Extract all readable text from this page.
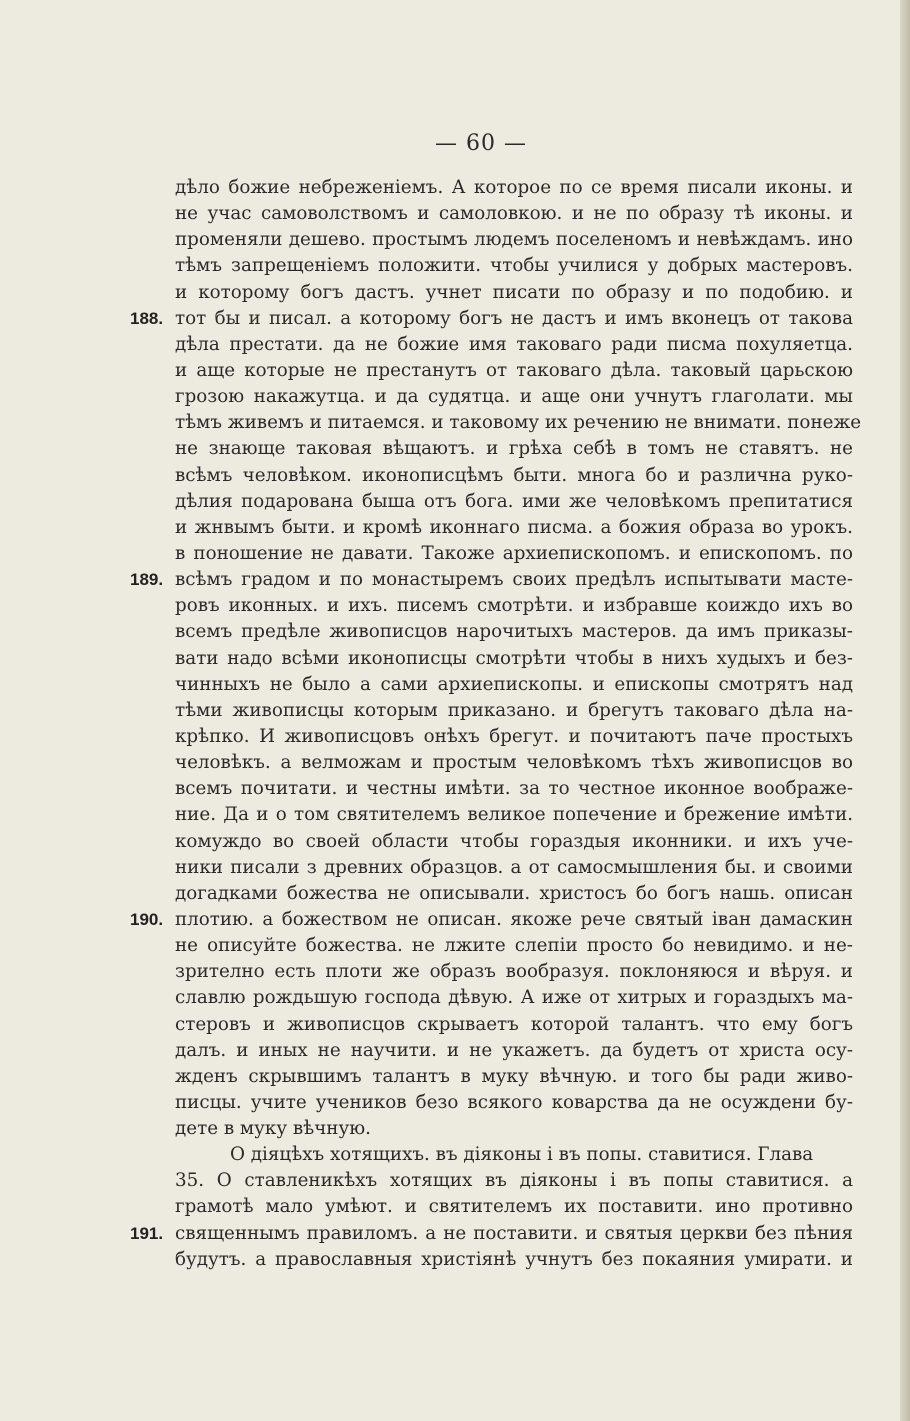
— 60 —
дѣло божие небреженіемъ. А которое по се время писали иконы. и
не учас самоволствомъ и самоловкою. и не по образу тѣ иконы. и
променяли дешево. простымъ людемъ поселеномъ и невѣждамъ. ино
тѣмъ запрещеніемъ положити. чтобы училися у добрых мастеровъ.
и которому богъ дастъ. учнет писати по образу и по подобию. и
188. тот бы и писал. а которому богъ не дастъ и имъ вконецъ от такова
дѣла престати. да не божие имя таковаго ради писма похуляетца.
и аще которые не престанутъ от таковаго дѣла. таковый царьскою
грозою накажутца. и да судятца. и аще они учнутъ глаголати. мы
тѣмъ живемъ и питаемся. и таковому их речению не внимати. понеже
не знающе таковая вѣщаютъ. и грѣха себѣ в томъ не ставятъ. не
всѣмъ человѣком. иконописцѣмъ быти. многа бо и различна руко-
дѣлия подарована быша отъ бога. ими же человѣкомъ препитатися
и жнвымъ быти. и кромѣ иконнаго писма. а божия образа во урокъ.
в поношение не давати. Такоже архиепископомъ. и епископомъ. по
189. всѣмъ градом и по монастыремъ своих предѣлъ испытывати масте-
ровъ иконных. и ихъ. писемъ смотрѣти. и избравше коиждо ихъ во
всемъ предѣле живописцов нарочитыхъ мастеров. да имъ приказы-
вати надо всѣми иконописцы смотрѣти чтобы в нихъ худыхъ и без-
чинныхъ не было а сами архиепископы. и епископы смотрятъ над
тѣми живописцы которым приказано. и брегутъ таковаго дѣла на-
крѣпко. И живописцовъ онѣхъ брегут. и почитаютъ паче простыхъ
человѣкъ. а велможам и простым человѣкомъ тѣхъ живописцов во
всемъ почитати. и честны имѣти. за то честное иконное воображе-
ние. Да и о том святителемъ великое попечение и брежение имѣти.
комуждо во своей области чтобы гораздыя иконники. и ихъ уче-
ники писали з древних образцов. а от самосмышления бы. и своими
догадками божества не описывали. христосъ бо богъ нашь. описан
190. плотию. а божеством не описан. якоже рече святый іван дамаскин
не описуйте божества. не лжите слепіи просто бо невидимо. и не-
зрително есть плоти же образъ вообразуя. поклоняюся и вѣруя. и
славлю рождьшую господа дѣвую. А иже от хитрых и гораздыхъ ма-
стеровъ и живописцов скрываетъ которой талантъ. что ему богъ
далъ. и иных не научити. и не укажетъ. да будетъ от христа осу-
жденъ скрывшимъ талантъ в муку вѣчную. и того бы ради живо-
писцы. учите учеников безо всякого коварства да не осуждени бу-
дете в муку вѣчную.
О діяцѣхъ хотящихъ. въ діяконы і въ попы. ставитися. Глава
35. О ставленикѣхъ хотящих въ діяконы і въ попы ставитися. а
грамотѣ мало умѣют. и святителемъ их поставити. ино противно
191. священнымъ правиломъ. а не поставити. и святыя церкви без пѣния
будутъ. а православныя христіянѣ учнутъ без покаяния умирати. и
